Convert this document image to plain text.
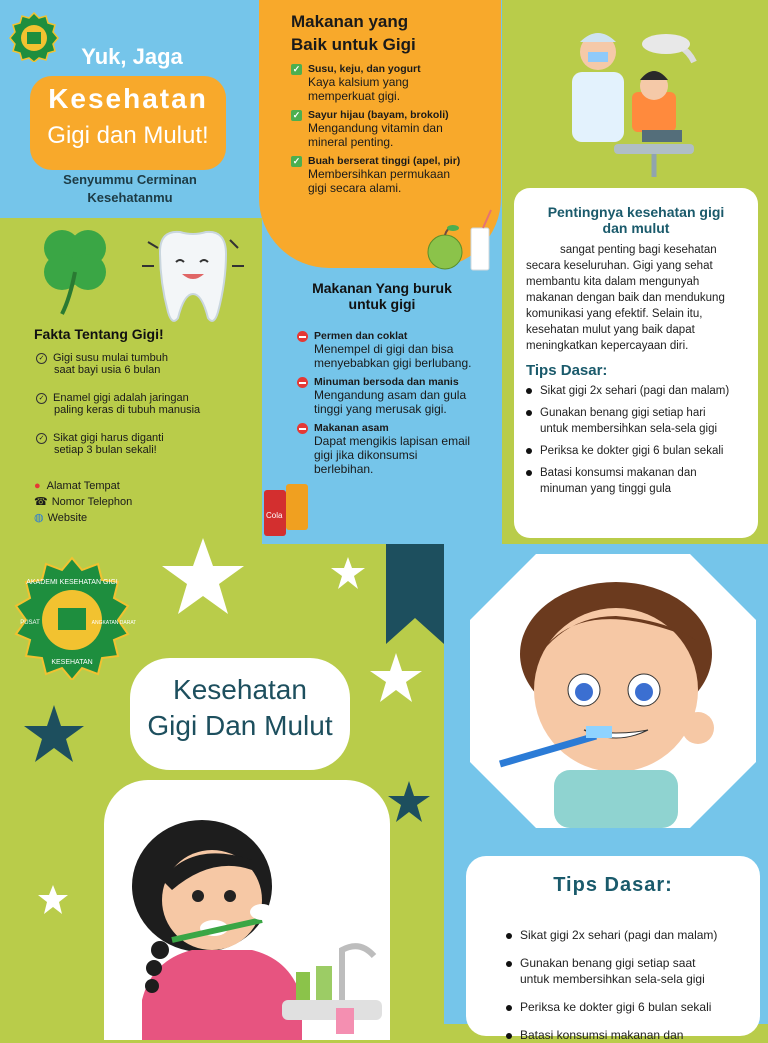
Yuk, Jaga
Kesehatan
Gigi dan Mulut!
Senyummu Cerminan
Kesehatanmu
Fakta Tentang Gigi!
✓ Gigi susu mulai tumbuh
saat bayi usia 6 bulan
✓ Enamel gigi adalah jaringan
paling keras di tubuh manusia
✓ Sikat gigi harus diganti
setiap 3 bulan sekali!
● Alamat Tempat
☎ Nomor Telephon
◍ Website
Makanan yang
Baik untuk Gigi
✓ Susu, keju, dan yogurt
Kaya kalsium yang
memperkuat gigi.
✓ Sayur hijau (bayam, brokoli)
Mengandung vitamin dan
mineral penting.
✓ Buah berserat tinggi (apel, pir)
Membersihkan permukaan
gigi secara alami.
Makanan Yang buruk
untuk gigi
Permen dan coklat
Menempel di gigi dan bisa
menyebabkan gigi berlubang.
Minuman bersoda dan manis
Mengandung asam dan gula
tinggi yang merusak gigi.
Makanan asam
Dapat mengikis lapisan email
gigi jika dikonsumsi
berlebihan.
Cola
Pentingnya kesehatan gigi
dan mulut
sangat penting bagi kesehatan
secara keseluruhan. Gigi yang sehat
membantu kita dalam mengunyah
makanan dengan baik dan mendukung
komunikasi yang efektif. Selain itu,
kesehatan mulut yang baik dapat
meningkatkan kepercayaan diri.
Tips Dasar:
Sikat gigi 2x sehari (pagi dan malam)
Gunakan benang gigi setiap hari
untuk membersihkan sela-sela gigi
Periksa ke dokter gigi 6 bulan sekali
Batasi konsumsi makanan dan
minuman yang tinggi gula
AKADEMI KESEHATAN GIGI
PUSAT	ANGKATAN DARAT
KESEHATAN
Kesehatan
Gigi Dan Mulut
Tips Dasar:
Sikat gigi 2x sehari (pagi dan malam)
Gunakan benang gigi setiap saat
untuk membersihkan sela-sela gigi
Periksa ke dokter gigi 6 bulan sekali
Batasi konsumsi makanan dan
